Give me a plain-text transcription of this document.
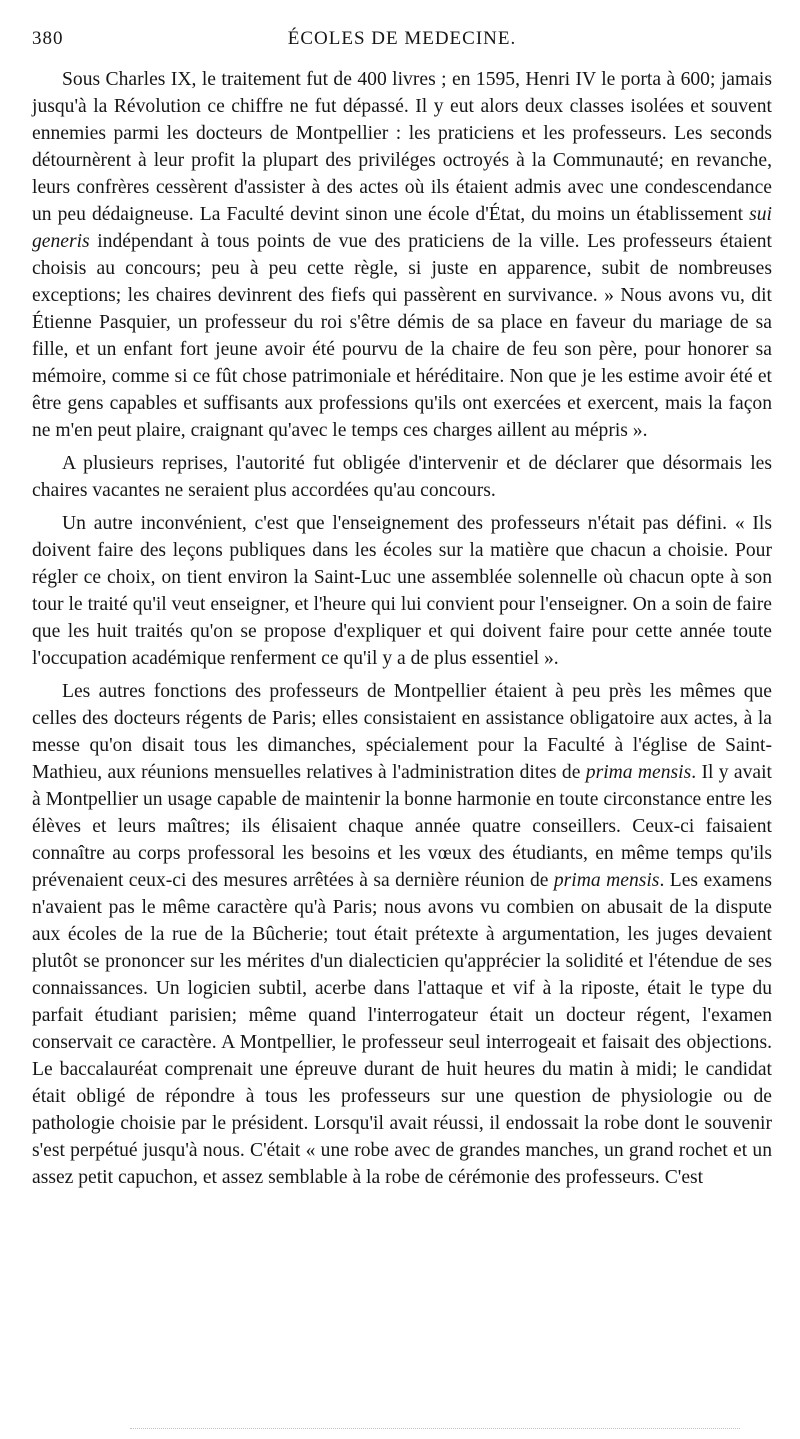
380	ÉCOLES DE MEDECINE.

Sous Charles IX, le traitement fut de 400 livres ; en 1595, Henri IV le porta à 600; jamais jusqu'à la Révolution ce chiffre ne fut dépassé. Il y eut alors deux classes isolées et souvent ennemies parmi les docteurs de Montpellier : les praticiens et les professeurs. Les seconds détournèrent à leur profit la plupart des priviléges octroyés à la Communauté; en revanche, leurs confrères cessèrent d'assister à des actes où ils étaient admis avec une condescendance un peu dédaigneuse. La Faculté devint sinon une école d'État, du moins un établissement sui generis indépendant à tous points de vue des praticiens de la ville. Les professeurs étaient choisis au concours; peu à peu cette règle, si juste en apparence, subit de nombreuses exceptions; les chaires devinrent des fiefs qui passèrent en survivance. » Nous avons vu, dit Étienne Pasquier, un professeur du roi s'être démis de sa place en faveur du mariage de sa fille, et un enfant fort jeune avoir été pourvu de la chaire de feu son père, pour honorer sa mémoire, comme si ce fût chose patrimoniale et héréditaire. Non que je les estime avoir été et être gens capables et suffisants aux professions qu'ils ont exercées et exercent, mais la façon ne m'en peut plaire, craignant qu'avec le temps ces charges aillent au mépris ».

A plusieurs reprises, l'autorité fut obligée d'intervenir et de déclarer que désormais les chaires vacantes ne seraient plus accordées qu'au concours.

Un autre inconvénient, c'est que l'enseignement des professeurs n'était pas défini. « Ils doivent faire des leçons publiques dans les écoles sur la matière que chacun a choisie. Pour régler ce choix, on tient environ la Saint-Luc une assemblée solennelle où chacun opte à son tour le traité qu'il veut enseigner, et l'heure qui lui convient pour l'enseigner. On a soin de faire que les huit traités qu'on se propose d'expliquer et qui doivent faire pour cette année toute l'occupation académique renferment ce qu'il y a de plus essentiel ».

Les autres fonctions des professeurs de Montpellier étaient à peu près les mêmes que celles des docteurs régents de Paris; elles consistaient en assistance obligatoire aux actes, à la messe qu'on disait tous les dimanches, spécialement pour la Faculté à l'église de Saint-Mathieu, aux réunions mensuelles relatives à l'administration dites de prima mensis. Il y avait à Montpellier un usage capable de maintenir la bonne harmonie en toute circonstance entre les élèves et leurs maîtres; ils élisaient chaque année quatre conseillers. Ceux-ci faisaient connaître au corps professoral les besoins et les vœux des étudiants, en même temps qu'ils prévenaient ceux-ci des mesures arrêtées à sa dernière réunion de prima mensis. Les examens n'avaient pas le même caractère qu'à Paris; nous avons vu combien on abusait de la dispute aux écoles de la rue de la Bûcherie; tout était prétexte à argumentation, les juges devaient plutôt se prononcer sur les mérites d'un dialecticien qu'apprécier la solidité et l'étendue de ses connaissances. Un logicien subtil, acerbe dans l'attaque et vif à la riposte, était le type du parfait étudiant parisien; même quand l'interrogateur était un docteur régent, l'examen conservait ce caractère. A Montpellier, le professeur seul interrogeait et faisait des objections. Le baccalauréat comprenait une épreuve durant de huit heures du matin à midi; le candidat était obligé de répondre à tous les professeurs sur une question de physiologie ou de pathologie choisie par le président. Lorsqu'il avait réussi, il endossait la robe dont le souvenir s'est perpétué jusqu'à nous. C'était « une robe avec de grandes manches, un grand rochet et un assez petit capuchon, et assez semblable à la robe de cérémonie des professeurs. C'est
